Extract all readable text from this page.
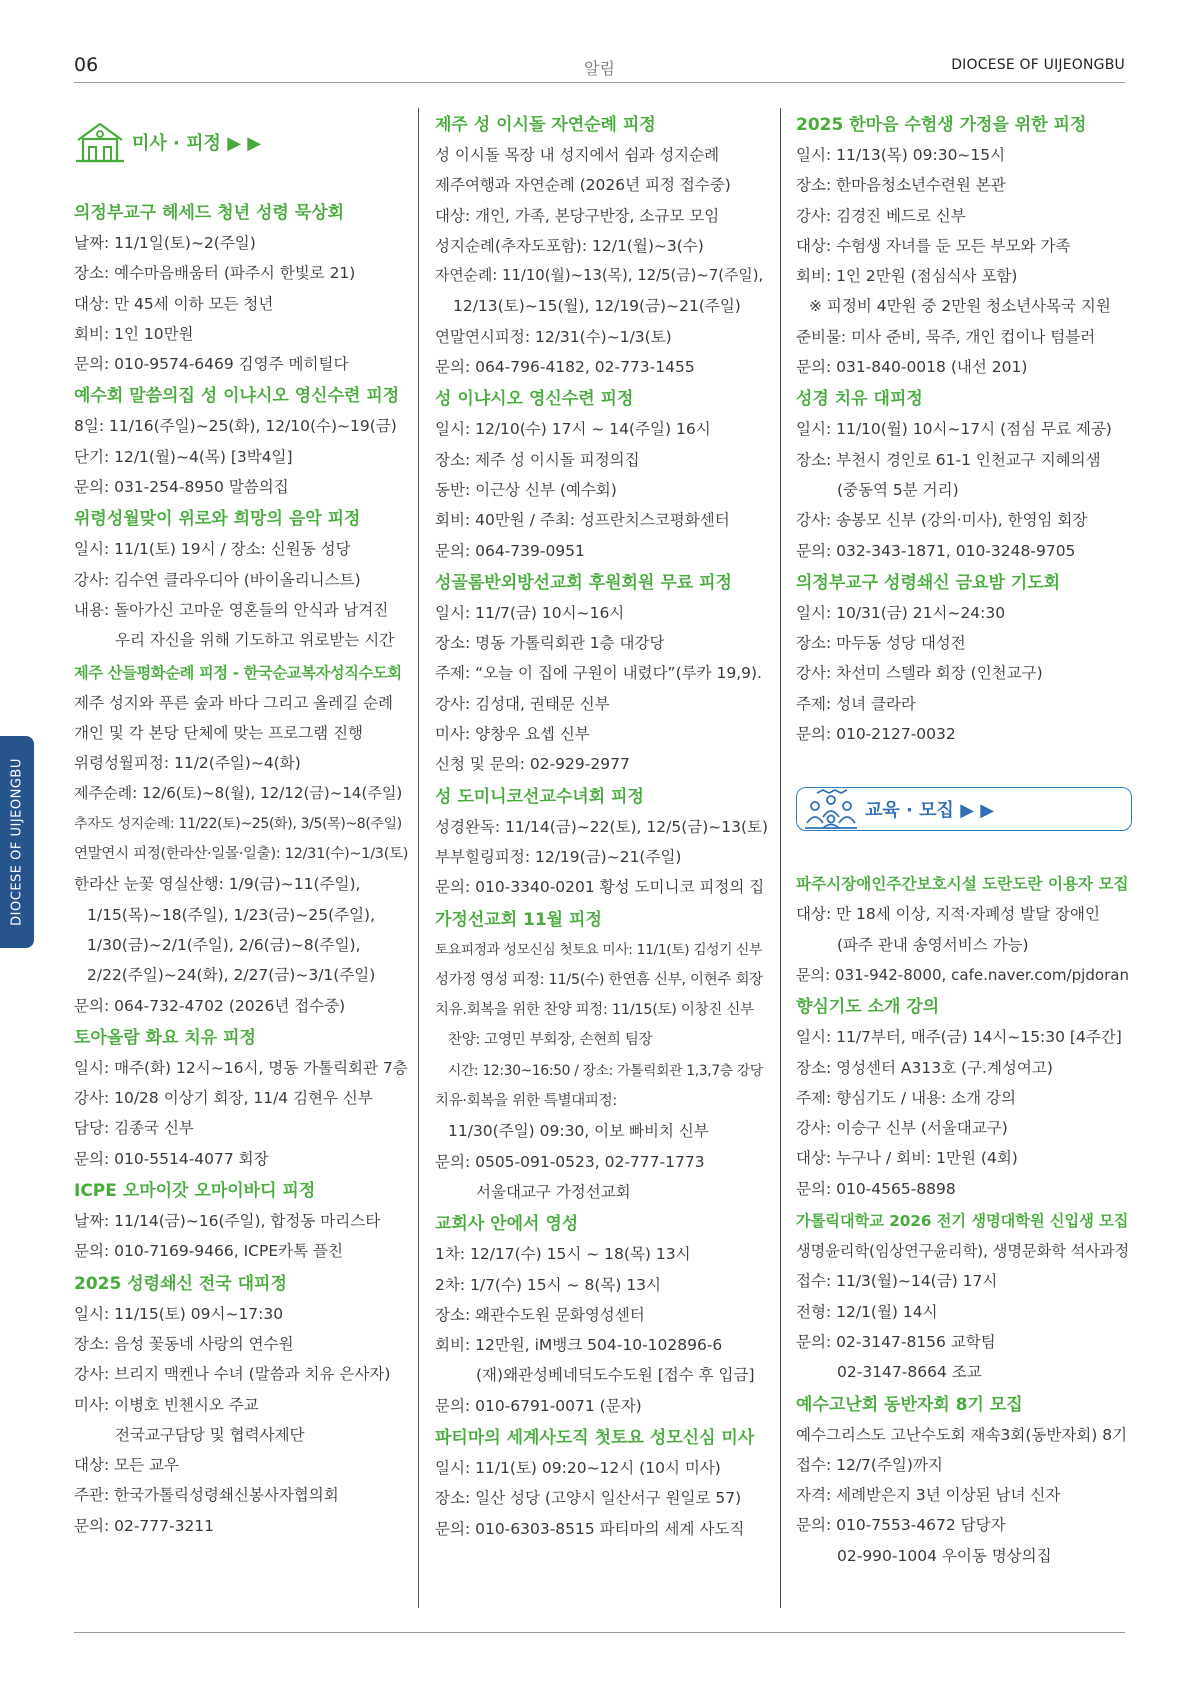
06	알림	DIOCESE OF UIJEONGBU
DIOCESE OF UIJEONGBU
미사 · 피정 ▶ ▶
의정부교구 헤세드 청년 성령 묵상회
날짜: 11/1일(토)~2(주일)
장소: 예수마음배움터 (파주시 한빛로 21)
대상: 만 45세 이하 모든 청년
회비: 1인 10만원
문의: 010-9574-6469 김영주 메히틸다
예수회 말씀의집 성 이냐시오 영신수련 피정
8일: 11/16(주일)~25(화), 12/10(수)~19(금)
단기: 12/1(월)~4(목) [3박4일]
문의: 031-254-8950 말씀의집
위령성월맞이 위로와 희망의 음악 피정
일시: 11/1(토) 19시 / 장소: 신원동 성당
강사: 김수연 클라우디아 (바이올리니스트)
내용: 돌아가신 고마운 영혼들의 안식과 남겨진
우리 자신을 위해 기도하고 위로받는 시간
제주 산들평화순례 피정 - 한국순교복자성직수도회
제주 성지와 푸른 숲과 바다 그리고 올레길 순례
개인 및 각 본당 단체에 맞는 프로그램 진행
위령성월피정: 11/2(주일)~4(화)
제주순례: 12/6(토)~8(월), 12/12(금)~14(주일)
추자도 성지순례: 11/22(토)~25(화), 3/5(목)~8(주일)
연말연시 피정(한라산·일몰·일출): 12/31(수)~1/3(토)
한라산 눈꽃 영실산행: 1/9(금)~11(주일),
1/15(목)~18(주일), 1/23(금)~25(주일),
1/30(금)~2/1(주일), 2/6(금)~8(주일),
2/22(주일)~24(화), 2/27(금)~3/1(주일)
문의: 064-732-4702 (2026년 접수중)
토아올람 화요 치유 피정
일시: 매주(화) 12시~16시, 명동 가톨릭회관 7층
강사: 10/28 이상기 회장, 11/4 김현우 신부
담당: 김종국 신부
문의: 010-5514-4077 회장
ICPE 오마이갓 오마이바디 피정
날짜: 11/14(금)~16(주일), 합정동 마리스타
문의: 010-7169-9466, ICPE카톡 플친
2025 성령쇄신 전국 대피정
일시: 11/15(토) 09시~17:30
장소: 음성 꽃동네 사랑의 연수원
강사: 브리지 맥켄나 수녀 (말씀과 치유 은사자)
미사: 이병호 빈첸시오 주교
전국교구담당 및 협력사제단
대상: 모든 교우
주관: 한국가톨릭성령쇄신봉사자협의회
문의: 02-777-3211
제주 성 이시돌 자연순례 피정
성 이시돌 목장 내 성지에서 쉼과 성지순례
제주여행과 자연순례 (2026년 피정 접수중)
대상: 개인, 가족, 본당구반장, 소규모 모임
성지순례(추자도포함): 12/1(월)~3(수)
자연순례: 11/10(월)~13(목), 12/5(금)~7(주일),
12/13(토)~15(월), 12/19(금)~21(주일)
연말연시피정: 12/31(수)~1/3(토)
문의: 064-796-4182, 02-773-1455
성 이냐시오 영신수련 피정
일시: 12/10(수) 17시 ~ 14(주일) 16시
장소: 제주 성 이시돌 피정의집
동반: 이근상 신부 (예수회)
회비: 40만원 / 주최: 성프란치스코평화센터
문의: 064-739-0951
성골롬반외방선교회 후원회원 무료 피정
일시: 11/7(금) 10시~16시
장소: 명동 가톨릭회관 1층 대강당
주제: “오늘 이 집에 구원이 내렸다”(루카 19,9).
강사: 김성대, 권태문 신부
미사: 양창우 요셉 신부
신청 및 문의: 02-929-2977
성 도미니코선교수녀회 피정
성경완독: 11/14(금)~22(토), 12/5(금)~13(토)
부부힐링피정: 12/19(금)~21(주일)
문의: 010-3340-0201 황성 도미니코 피정의 집
가정선교회 11월 피정
토요피정과 성모신심 첫토요 미사: 11/1(토) 김성기 신부
성가정 영성 피정: 11/5(수) 한연흠 신부, 이현주 회장
치유.회복을 위한 찬양 피정: 11/15(토) 이창진 신부
찬양: 고영민 부회장, 손현희 팀장
시간: 12:30~16:50 / 장소: 가톨릭회관 1,3,7층 강당
치유·회복을 위한 특별대피정:
11/30(주일) 09:30, 이보 빠비치 신부
문의: 0505-091-0523, 02-777-1773
서울대교구 가정선교회
교회사 안에서 영성
1차: 12/17(수) 15시 ~ 18(목) 13시
2차: 1/7(수) 15시 ~ 8(목) 13시
장소: 왜관수도원 문화영성센터
회비: 12만원, iM뱅크 504-10-102896-6
(재)왜관성베네딕도수도원 [접수 후 입금]
문의: 010-6791-0071 (문자)
파티마의 세계사도직 첫토요 성모신심 미사
일시: 11/1(토) 09:20~12시 (10시 미사)
장소: 일산 성당 (고양시 일산서구 원일로 57)
문의: 010-6303-8515 파티마의 세계 사도직
2025 한마음 수험생 가정을 위한 피정
일시: 11/13(목) 09:30~15시
장소: 한마음청소년수련원 본관
강사: 김경진 베드로 신부
대상: 수험생 자녀를 둔 모든 부모와 가족
회비: 1인 2만원 (점심식사 포함)
※ 피정비 4만원 중 2만원 청소년사목국 지원
준비물: 미사 준비, 묵주, 개인 컵이나 텀블러
문의: 031-840-0018 (내선 201)
성경 치유 대피정
일시: 11/10(월) 10시~17시 (점심 무료 제공)
장소: 부천시 경인로 61-1 인천교구 지혜의샘
(중동역 5분 거리)
강사: 송봉모 신부 (강의·미사), 한영임 회장
문의: 032-343-1871, 010-3248-9705
의정부교구 성령쇄신 금요밤 기도회
일시: 10/31(금) 21시~24:30
장소: 마두동 성당 대성전
강사: 차선미 스텔라 회장 (인천교구)
주제: 성녀 클라라
문의: 010-2127-0032
교육 · 모집 ▶ ▶
파주시장애인주간보호시설 도란도란 이용자 모집
대상: 만 18세 이상, 지적·자폐성 발달 장애인
(파주 관내 송영서비스 가능)
문의: 031-942-8000, cafe.naver.com/pjdoran
향심기도 소개 강의
일시: 11/7부터, 매주(금) 14시~15:30 [4주간]
장소: 영성센터 A313호 (구.계성여고)
주제: 향심기도 / 내용: 소개 강의
강사: 이승구 신부 (서울대교구)
대상: 누구나 / 회비: 1만원 (4회)
문의: 010-4565-8898
가톨릭대학교 2026 전기 생명대학원 신입생 모집
생명윤리학(임상연구윤리학), 생명문화학 석사과정
접수: 11/3(월)~14(금) 17시
전형: 12/1(월) 14시
문의: 02-3147-8156 교학팀
02-3147-8664 조교
예수고난회 동반자회 8기 모집
예수그리스도 고난수도회 재속3회(동반자회) 8기
접수: 12/7(주일)까지
자격: 세례받은지 3년 이상된 남녀 신자
문의: 010-7553-4672 담당자
02-990-1004 우이동 명상의집
